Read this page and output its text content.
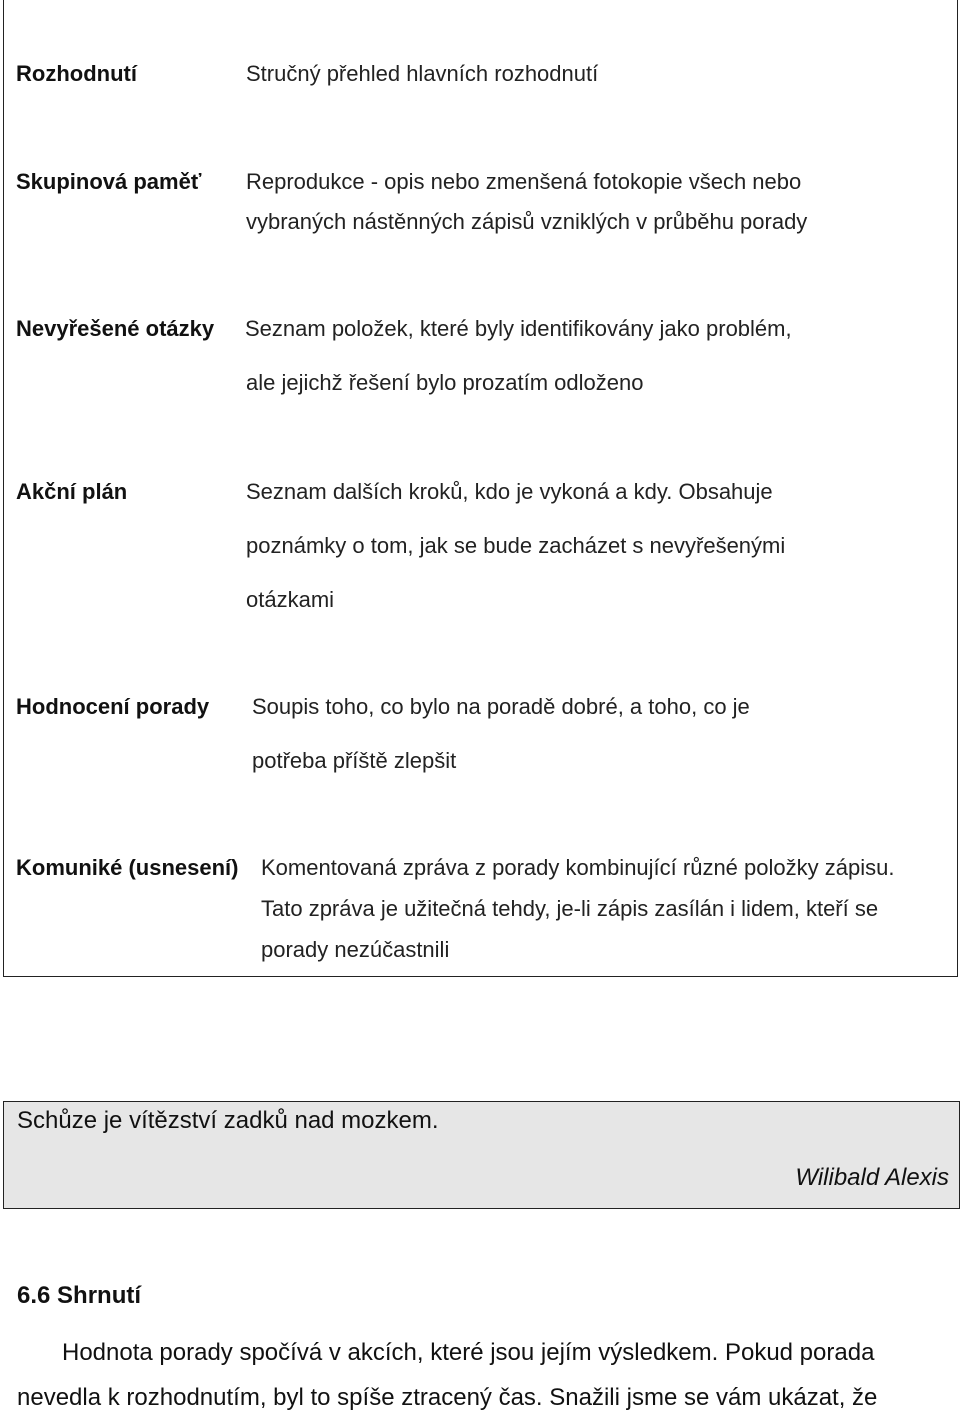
Rozhodnutí	Stručný přehled hlavních rozhodnutí
Skupinová paměť Reprodukce - opis nebo zmenšená fotokopie všech nebo
vybraných nástěnných zápisů vzniklých v průběhu porady
Nevyřešené otázky Seznam položek, které byly identifikovány jako problém,
ale jejichž řešení bylo prozatím odloženo
Akční plán	Seznam dalších kroků, kdo je vykoná a kdy. Obsahuje
poznámky o tom, jak se bude zacházet s nevyřešenými
otázkami
Hodnocení porady Soupis toho, co bylo na poradě dobré, a toho, co je
potřeba příště zlepšit
Komuniké (usnesení) Komentovaná zpráva z porady kombinující různé položky zápisu.
Tato zpráva je užitečná tehdy, je-li zápis zasílán i lidem, kteří se
porady nezúčastnili
Schůze je vítězství zadků nad mozkem.
Wilibald Alexis
6.6 Shrnutí
Hodnota porady spočívá v akcích, které jsou jejím výsledkem. Pokud porada
nevedla k rozhodnutím, byl to spíše ztracený čas. Snažili jsme se vám ukázat, že
